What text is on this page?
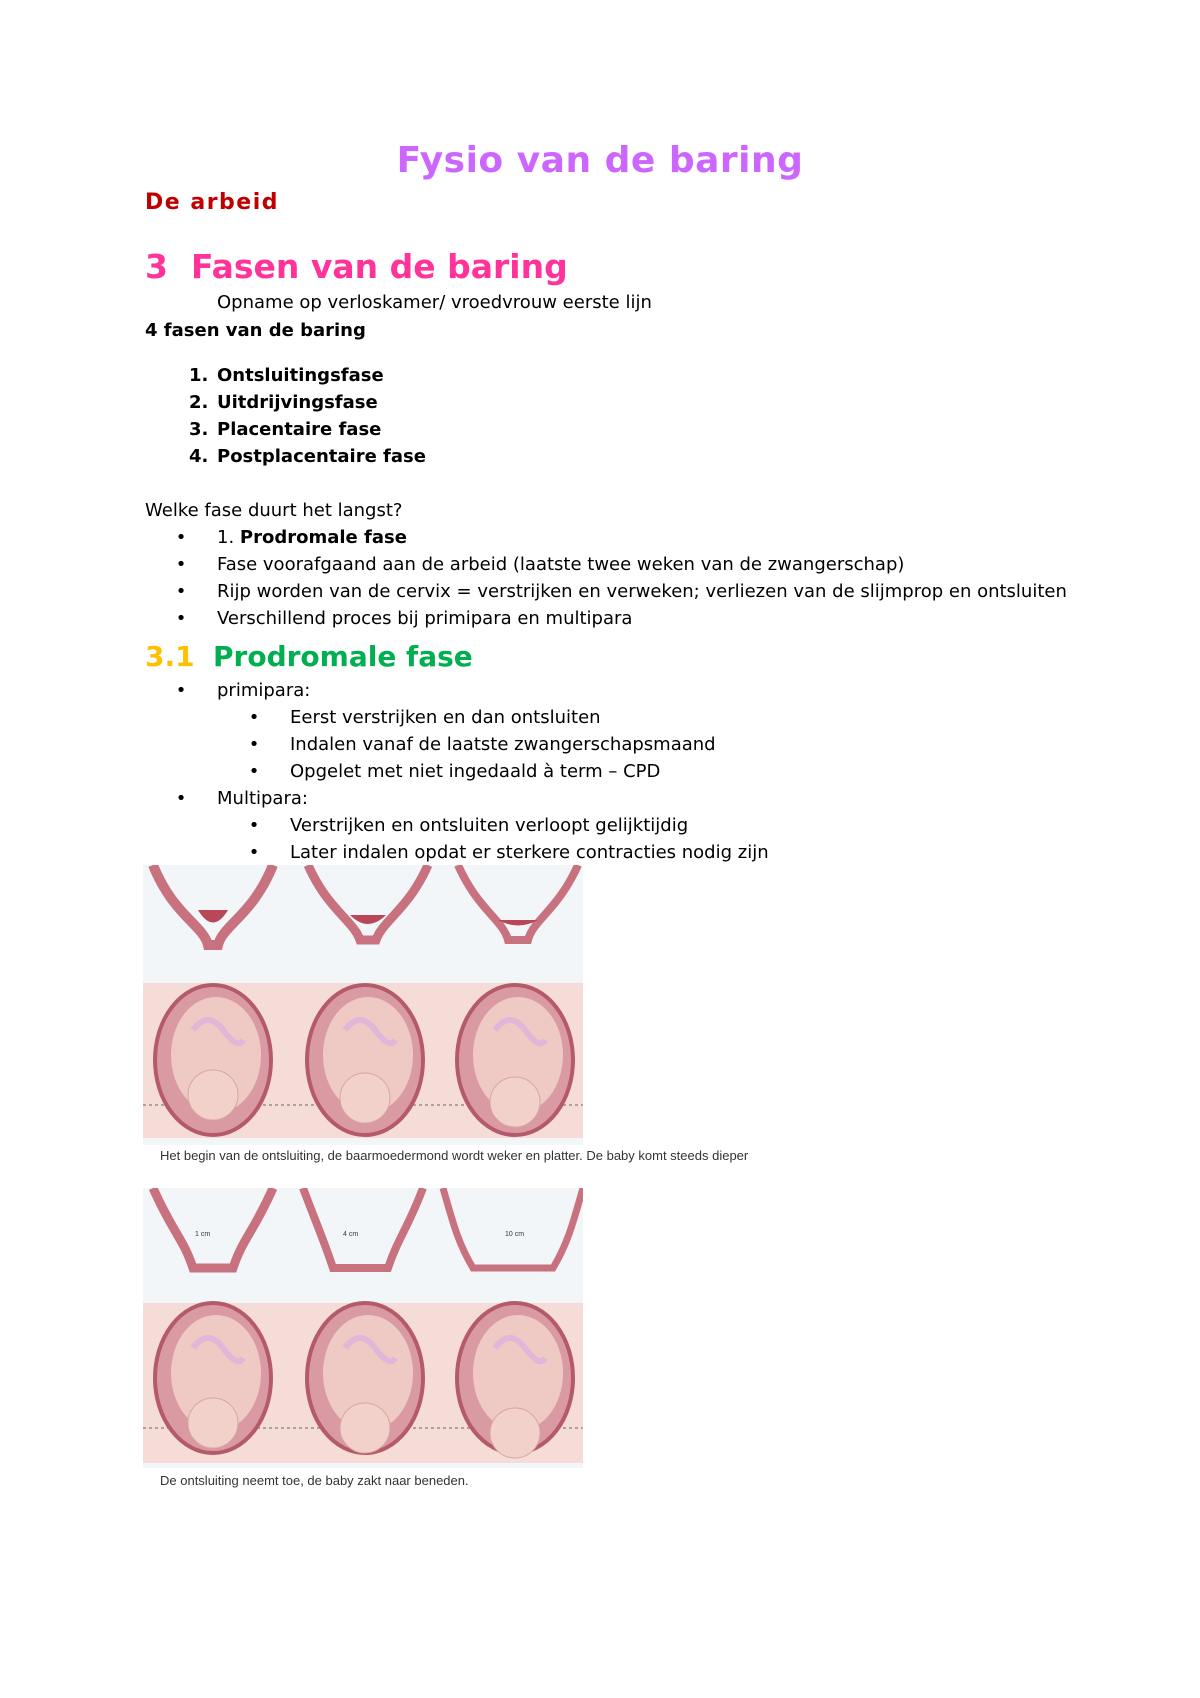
Fysio van de baring
De arbeid
3 Fasen van de baring
Opname op verloskamer/ vroedvrouw eerste lijn
4 fasen van de baring
1. Ontsluitingsfase
2. Uitdrijvingsfase
3. Placentaire fase
4. Postplacentaire fase
Welke fase duurt het langst?
• 1. Prodromale fase
• Fase voorafgaand aan de arbeid (laatste twee weken van de zwangerschap)
• Rijp worden van de cervix = verstrijken en verweken; verliezen van de slijmprop en ontsluiten
• Verschillend proces bij primipara en multipara
3.1 Prodromale fase
• primipara:
• Eerst verstrijken en dan ontsluiten
• Indalen vanaf de laatste zwangerschapsmaand
• Opgelet met niet ingedaald à term – CPD
• Multipara:
• Verstrijken en ontsluiten verloopt gelijktijdig
• Later indalen opdat er sterkere contracties nodig zijn
Het begin van de ontsluiting, de baarmoedermond wordt weker en platter. De baby komt steeds dieper
1 cm	4 cm	10 cm
De ontsluiting neemt toe, de baby zakt naar beneden.
